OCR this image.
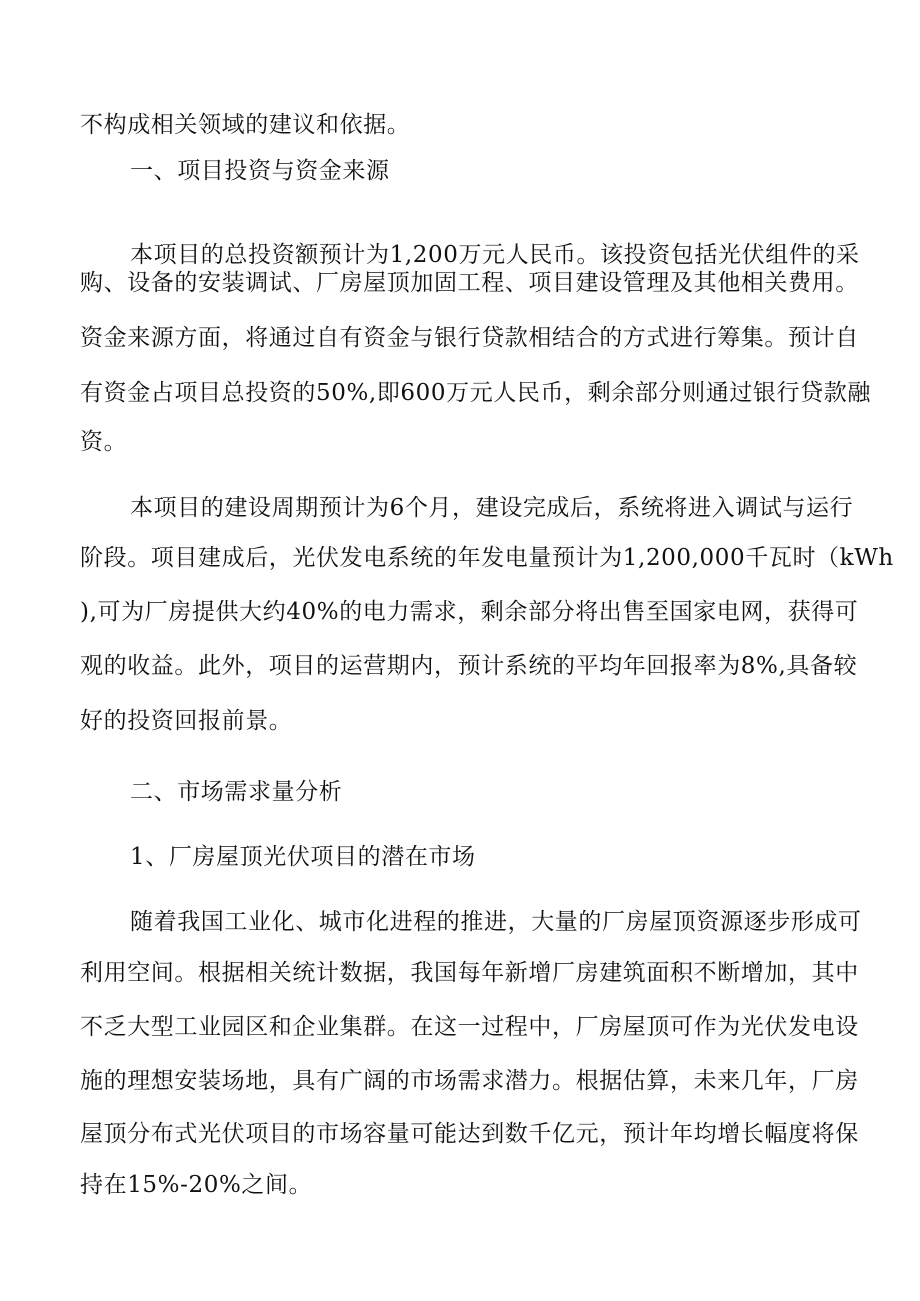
不构成相关领域的建议和依据。
一、项目投资与资金来源
本项目的总投资额预计为1,200万元人民币。该投资包括光伏组件的采
购、设备的安装调试、厂房屋顶加固工程、项目建设管理及其他相关费用。
资金来源方面，将通过自有资金与银行贷款相结合的方式进行筹集。预计自
有资金占项目总投资的50%,即600万元人民币，剩余部分则通过银行贷款融
资。
本项目的建设周期预计为6个月，建设完成后，系统将进入调试与运行
阶段。项目建成后，光伏发电系统的年发电量预计为1,200,000千瓦时（kWh
),可为厂房提供大约40%的电力需求，剩余部分将出售至国家电网，获得可
观的收益。此外，项目的运营期内，预计系统的平均年回报率为8%,具备较
好的投资回报前景。
二、市场需求量分析
1、厂房屋顶光伏项目的潜在市场
随着我国工业化、城市化进程的推进，大量的厂房屋顶资源逐步形成可
利用空间。根据相关统计数据，我国每年新增厂房建筑面积不断增加，其中
不乏大型工业园区和企业集群。在这一过程中，厂房屋顶可作为光伏发电设
施的理想安装场地，具有广阔的市场需求潜力。根据估算，未来几年，厂房
屋顶分布式光伏项目的市场容量可能达到数千亿元，预计年均增长幅度将保
持在15%-20%之间。
